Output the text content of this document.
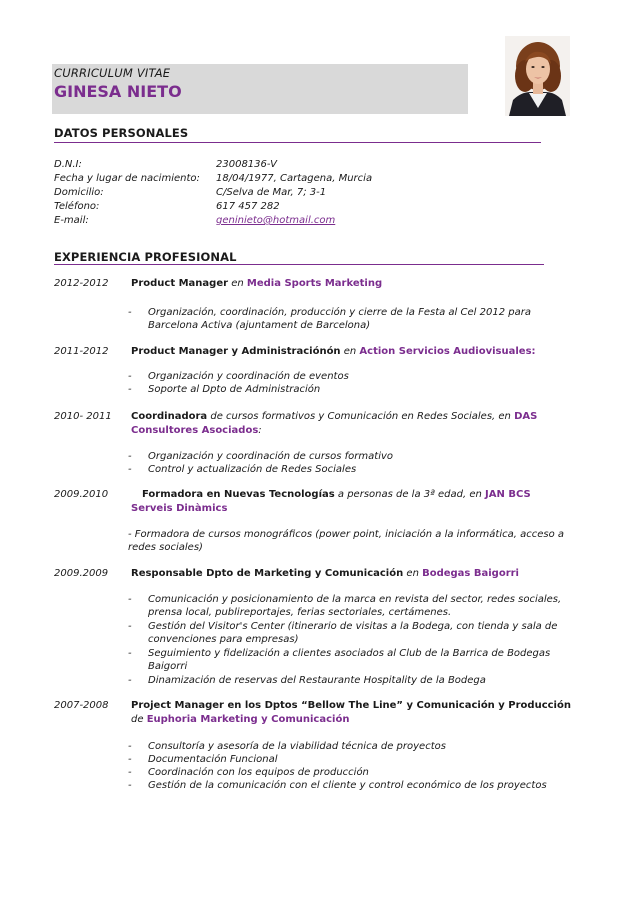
CURRICULUM VITAE
GINESA NIETO
DATOS PERSONALES
D.N.I:	23008136-V
Fecha y lugar de nacimiento: 18/04/1977, Cartagena, Murcia
Domicilio:	C/Selva de Mar, 7; 3-1
Teléfono:	617 457 282
E-mail:	geninieto@hotmail.com
EXPERIENCIA PROFESIONAL
2012-2012 Product Manager en Media Sports Marketing
- Organización, coordinación, producción y cierre de la Festa al Cel 2012 para Barcelona Activa (ajuntament de Barcelona)
2011-2012 Product Manager y Administraciónón en Action Servicios Audiovisuales:
- Organización y coordinación de eventos
- Soporte al Dpto de Administración
2010- 2011 Coordinadora de cursos formativos y Comunicación en Redes Sociales, en DAS Consultores Asociados:
- Organización y coordinación de cursos formativo
- Control y actualización de Redes Sociales
2009.2010	Formadora en Nuevas Tecnologías a personas de la 3ª edad, en JAN BCS Serveis Dinàmics
- Formadora de cursos monográficos (power point, iniciación a la informática, acceso a redes sociales)
2009.2009 Responsable Dpto de Marketing y Comunicación en Bodegas Baigorri
- Comunicación y posicionamiento de la marca en revista del sector, redes sociales, prensa local, publireportajes, ferias sectoriales, certámenes.
- Gestión del Visitor's Center (itinerario de visitas a la Bodega, con tienda y sala de convenciones para empresas)
- Seguimiento y fidelización a clientes asociados al Club de la Barrica de Bodegas Baigorri
- Dinamización de reservas del Restaurante Hospitality de la Bodega
2007-2008 Project Manager en los Dptos “Bellow The Line” y Comunicación y Producción de Euphoria Marketing y Comunicación
- Consultoría y asesoría de la viabilidad técnica de proyectos
- Documentación Funcional
- Coordinación con los equipos de producción
- Gestión de la comunicación con el cliente y control económico de los proyectos
